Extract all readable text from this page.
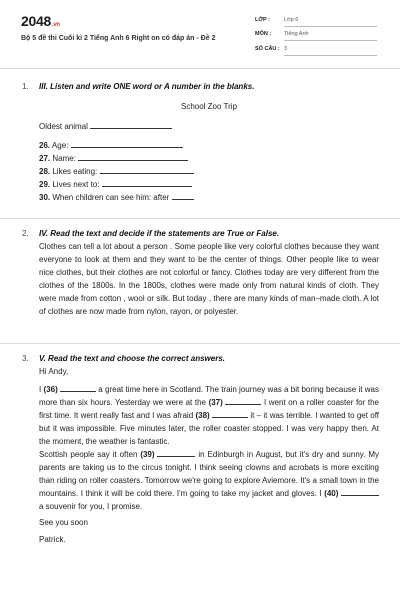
2048.vn
Bộ 5 đề thi Cuối kì 2 Tiếng Anh 6 Right on có đáp án - Đề 2
LỚP :	Lớp 6
MÔN : Tiếng Anh
SỐ CÂU : 3
1. III. Listen and write ONE word or A number in the blanks.
School Zoo Trip
Oldest animal
26. Age:
27. Name:
28. Likes eating:
29. Lives next to:
30. When children can see him: after
2. IV. Read the text and decide if the statements are True or False.
Clothes can tell a lot about a person . Some people like very colorful clothes because they want everyone to look at them and they want to be the center of things. Other people like to wear nice clothes, but their clothes are not colorful or fancy. Clothes today are very different from the clothes of the 1800s. In the 1800s, clothes were made only from natural kinds of cloth. They were made from cotton , wool or silk. But today , there are many kinds of man–made cloth. A lot of clothes are now made from nylon, rayon, or polyester.
3. V. Read the text and choose the correct answers.
Hi Andy,
I (36)	a great time here in Scotland. The train journey was a bit boring because it was more than six hours. Yesterday we were at the (37)	I went on a roller coaster for the first time. It went really fast and I was afraid (38)	it – it was terrible. I wanted to get off but it was impossible. Five minutes later, the roller coaster stopped. I was very happy then. At the moment, the weather is fantastic.
Scottish people say it often (39)	in Edinburgh in August, but it's dry and sunny. My parents are taking us to the circus tonight. I think seeing clowns and acrobats is more exciting than riding on roller coasters. Tomorrow we're going to explore Aviemore. It's a small town in the mountains. I think it will be cold there. I'm going to take my jacket and gloves. I (40)  a souvenir for you, I promise.
See you soon
Patrick.
